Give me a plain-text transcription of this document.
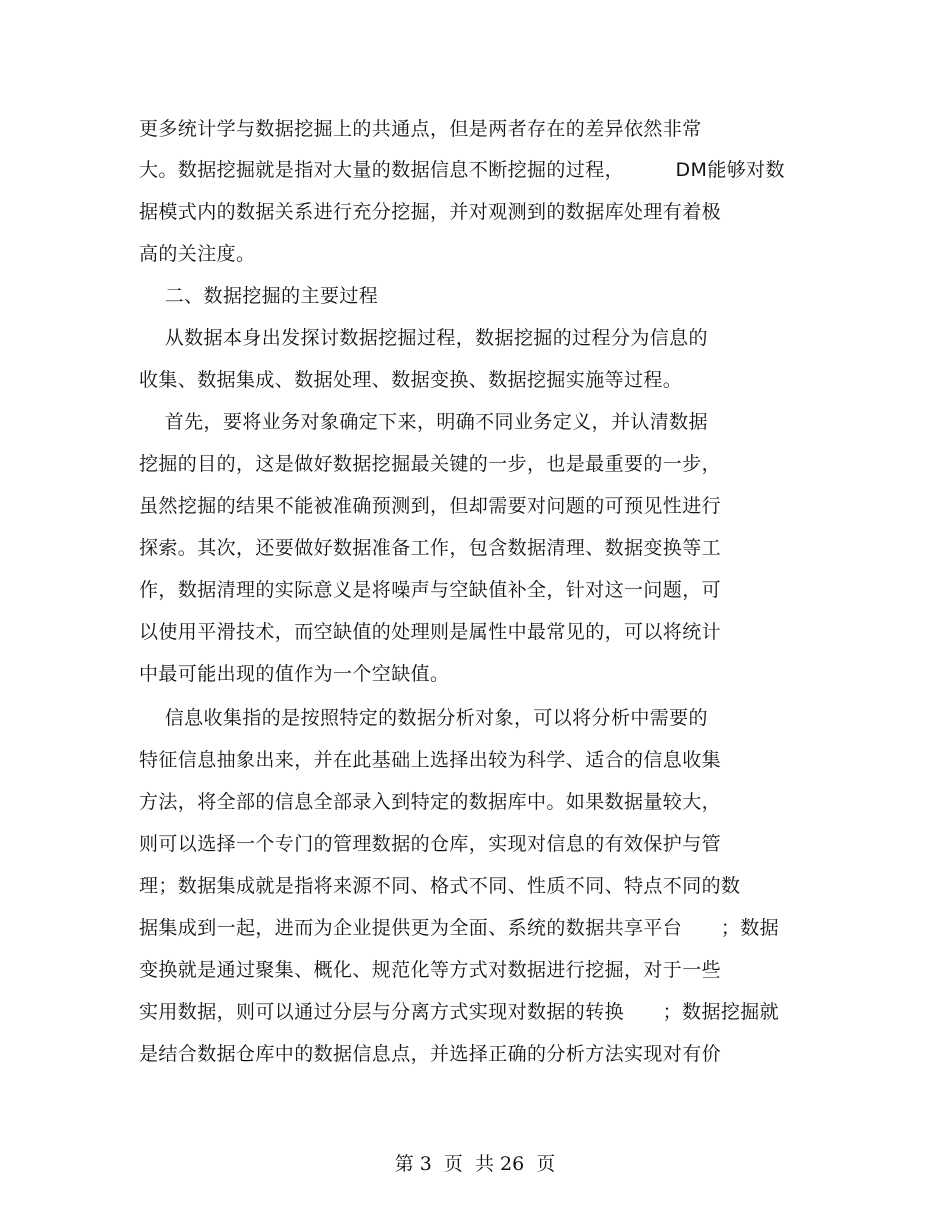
更多统计学与数据挖掘上的共通点，但是两者存在的差异依然非常
大。数据挖掘就是指对大量的数据信息不断挖掘的过程，        DM能够对数
据模式内的数据关系进行充分挖掘，并对观测到的数据库处理有着极
高的关注度。
二、数据挖掘的主要过程
从数据本身出发探讨数据挖掘过程，数据挖掘的过程分为信息的
收集、数据集成、数据处理、数据变换、数据挖掘实施等过程。
首先，要将业务对象确定下来，明确不同业务定义，并认清数据
挖掘的目的，这是做好数据挖掘最关键的一步，也是最重要的一步，
虽然挖掘的结果不能被准确预测到，但却需要对问题的可预见性进行
探索。其次，还要做好数据准备工作，包含数据清理、数据变换等工
作，数据清理的实际意义是将噪声与空缺值补全，针对这一问题，可
以使用平滑技术，而空缺值的处理则是属性中最常见的，可以将统计
中最可能出现的值作为一个空缺值。
信息收集指的是按照特定的数据分析对象，可以将分析中需要的
特征信息抽象出来，并在此基础上选择出较为科学、适合的信息收集
方法，将全部的信息全部录入到特定的数据库中。如果数据量较大，
则可以选择一个专门的管理数据的仓库，实现对信息的有效保护与管
理；数据集成就是指将来源不同、格式不同、性质不同、特点不同的数
据集成到一起，进而为企业提供更为全面、系统的数据共享平台      ；数据
变换就是通过聚集、概化、规范化等方式对数据进行挖掘，对于一些
实用数据，则可以通过分层与分离方式实现对数据的转换      ；数据挖掘就
是结合数据仓库中的数据信息点，并选择正确的分析方法实现对有价
第 3  页  共 26  页
